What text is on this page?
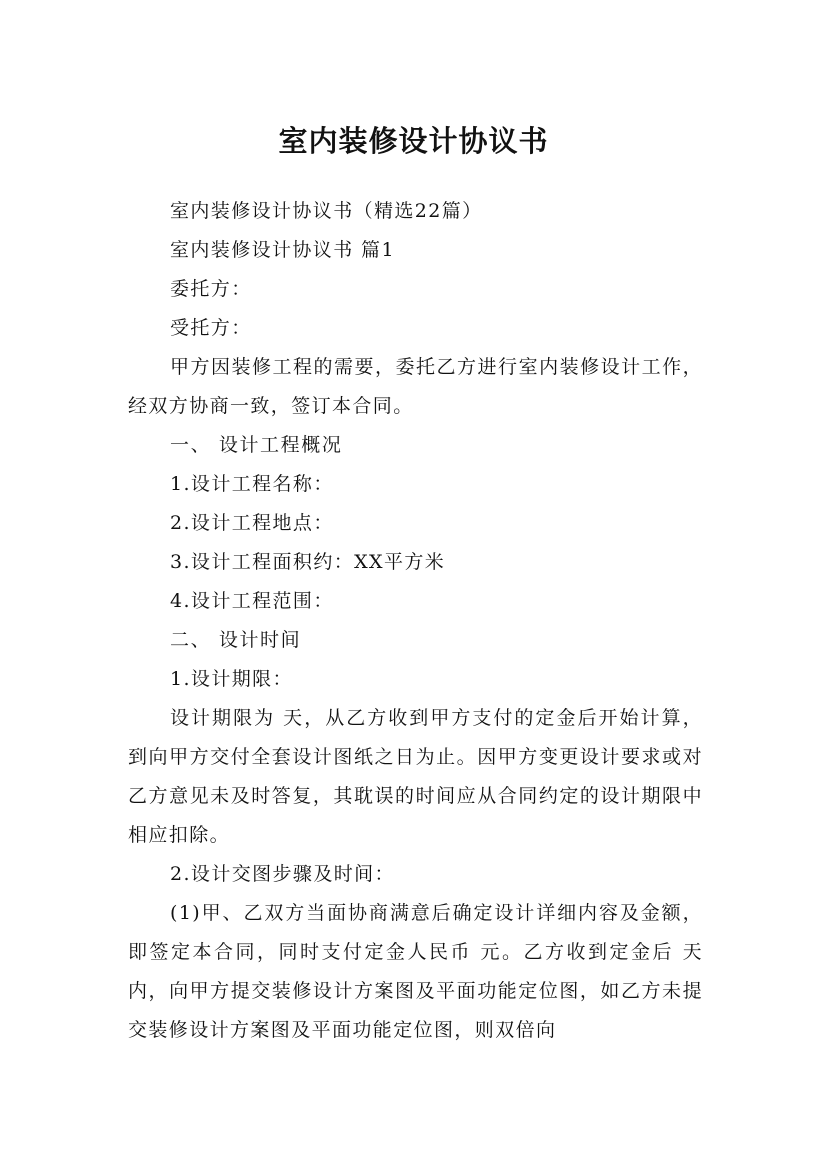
室内装修设计协议书

室内装修设计协议书（精选22篇）

室内装修设计协议书 篇1

委托方：

受托方：

甲方因装修工程的需要，委托乙方进行室内装修设计工作，经双方协商一致，签订本合同。

一、 设计工程概况

1.设计工程名称：

2.设计工程地点：

3.设计工程面积约：XX平方米

4.设计工程范围：

二、 设计时间

1.设计期限：

设计期限为 天，从乙方收到甲方支付的定金后开始计算，到向甲方交付全套设计图纸之日为止。因甲方变更设计要求或对乙方意见未及时答复，其耽误的时间应从合同约定的设计期限中相应扣除。

2.设计交图步骤及时间：

(1)甲、乙双方当面协商满意后确定设计详细内容及金额，即签定本合同，同时支付定金人民币 元。乙方收到定金后 天内，向甲方提交装修设计方案图及平面功能定位图，如乙方未提交装修设计方案图及平面功能定位图，则双倍向
